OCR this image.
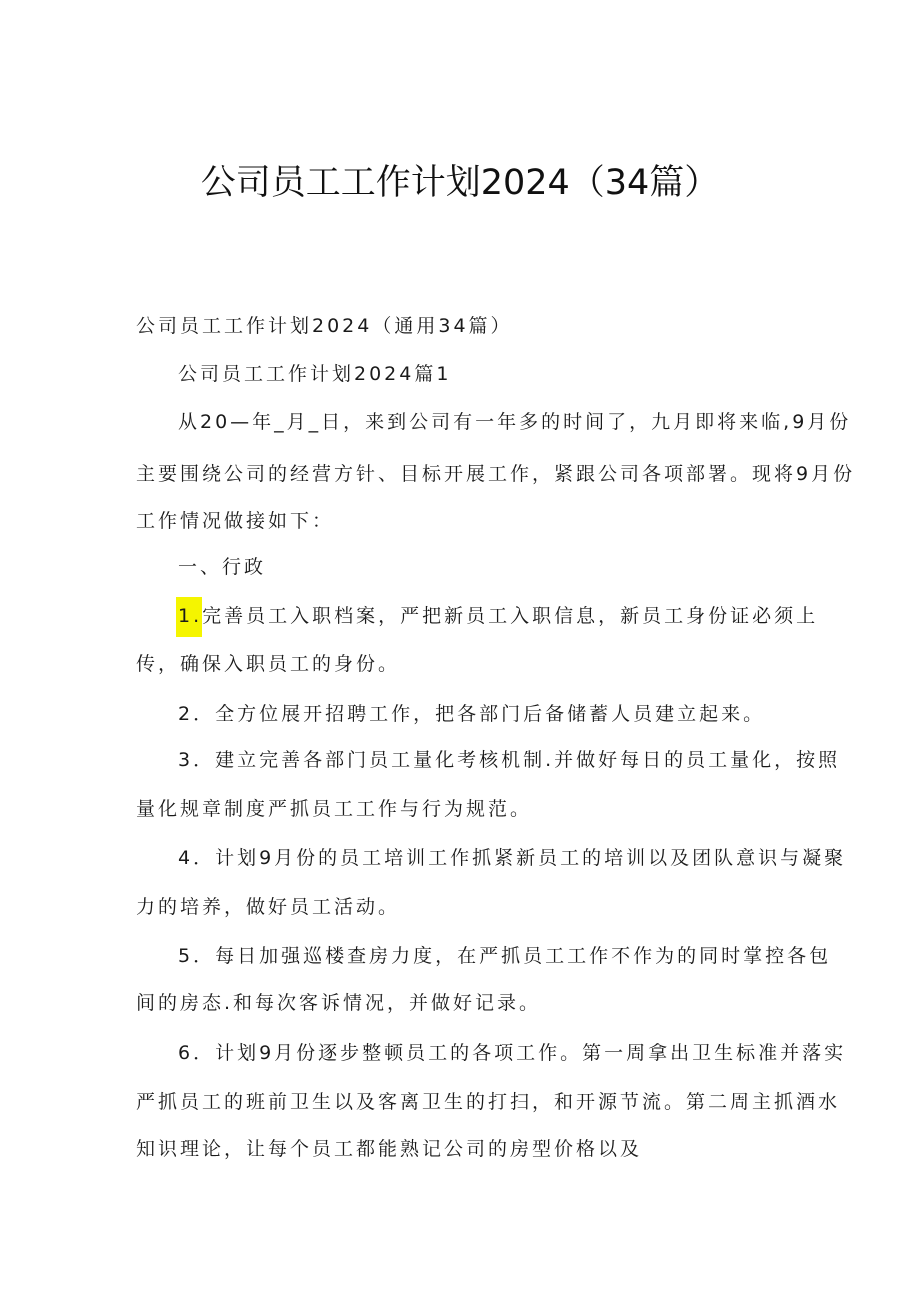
公司员工工作计划2024（34篇）
公司员工工作计划2024（通用34篇）
公司员工工作计划2024篇1
从20—年_月_日，来到公司有一年多的时间了，九月即将来临,9月份
主要围绕公司的经营方针、目标开展工作，紧跟公司各项部署。现将9月份
工作情况做接如下：
一、行政
1.完善员工入职档案，严把新员工入职信息，新员工身份证必须上
传，确保入职员工的身份。
2．全方位展开招聘工作，把各部门后备储蓄人员建立起来。
3．建立完善各部门员工量化考核机制.并做好每日的员工量化，按照
量化规章制度严抓员工工作与行为规范。
4．计划9月份的员工培训工作抓紧新员工的培训以及团队意识与凝聚
力的培养，做好员工活动。
5．每日加强巡楼查房力度，在严抓员工工作不作为的同时掌控各包
间的房态.和每次客诉情况，并做好记录。
6．计划9月份逐步整顿员工的各项工作。第一周拿出卫生标准并落实
严抓员工的班前卫生以及客离卫生的打扫，和开源节流。第二周主抓酒水
知识理论，让每个员工都能熟记公司的房型价格以及
